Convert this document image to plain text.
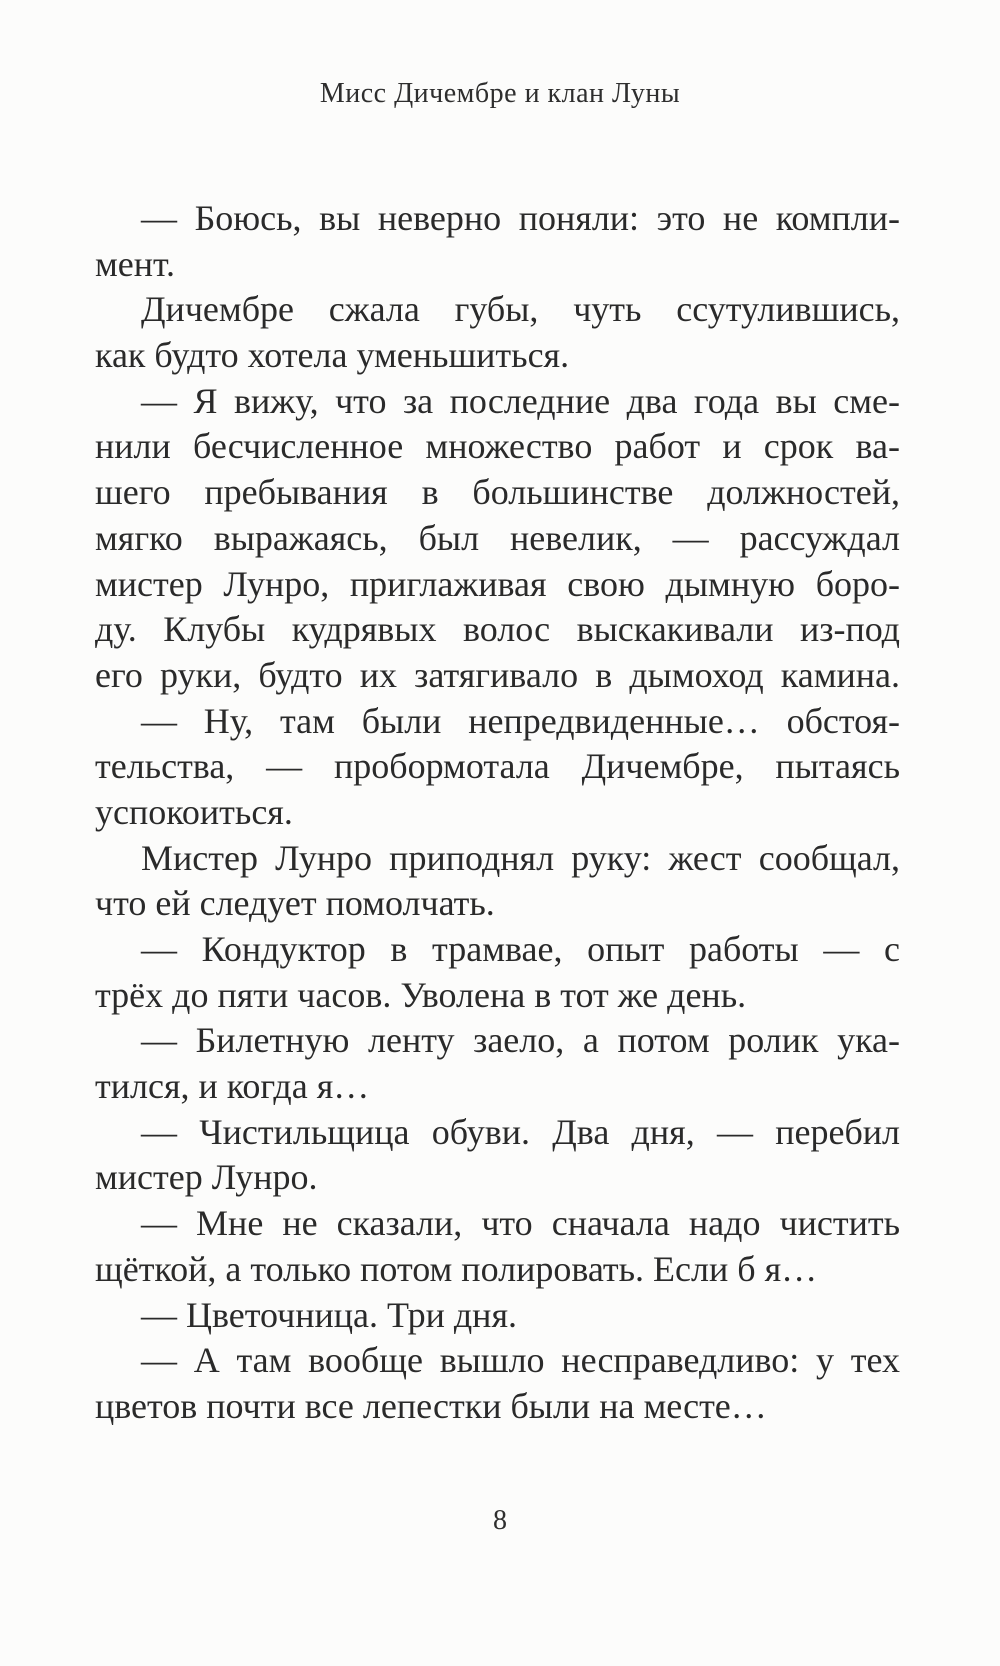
Мисс Дичембре и клан Луны
— Боюсь, вы неверно поняли: это не компли-
мент.
Дичембре сжала губы, чуть ссутулившись,
как будто хотела уменьшиться.
— Я вижу, что за последние два года вы сме-
нили бесчисленное множество работ и срок ва-
шего пребывания в большинстве должностей,
мягко выражаясь, был невелик, — рассуждал
мистер Лунро, приглаживая свою дымную боро-
ду. Клубы кудрявых волос выскакивали из-под
его руки, будто их затягивало в дымоход камина.
— Ну, там были непредвиденные… обстоя-
тельства, — пробормотала Дичембре, пытаясь
успокоиться.
Мистер Лунро приподнял руку: жест сообщал,
что ей следует помолчать.
— Кондуктор в трамвае, опыт работы — с
трёх до пяти часов. Уволена в тот же день.
— Билетную ленту заело, а потом ролик ука-
тился, и когда я…
— Чистильщица обуви. Два дня, — перебил
мистер Лунро.
— Мне не сказали, что сначала надо чистить
щёткой, а только потом полировать. Если б я…
— Цветочница. Три дня.
— А там вообще вышло несправедливо: у тех
цветов почти все лепестки были на месте…
8
